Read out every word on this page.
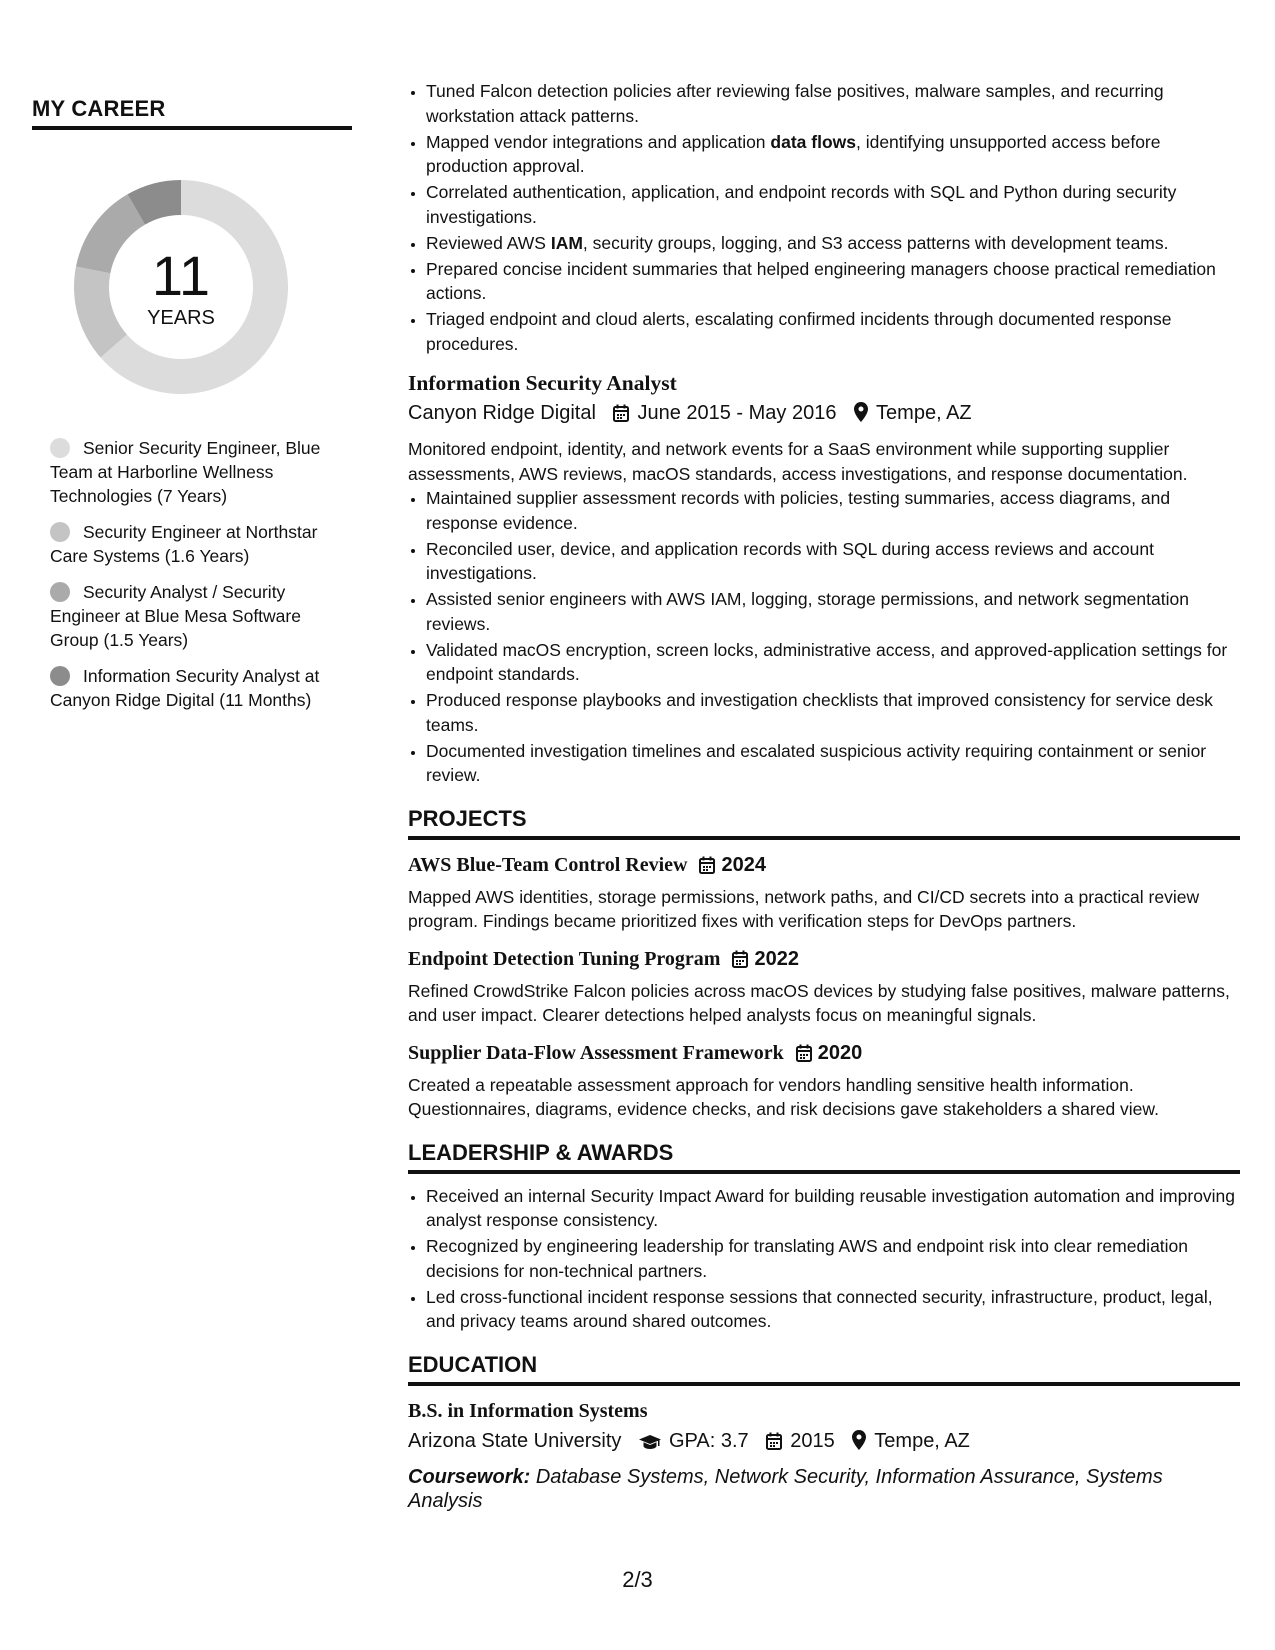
MY CAREER
11
YEARS
Senior Security Engineer, Blue Team at Harborline Wellness Technologies (7 Years)
Security Engineer at Northstar Care Systems (1.6 Years)
Security Analyst / Security Engineer at Blue Mesa Software Group (1.5 Years)
Information Security Analyst at Canyon Ridge Digital (11 Months)
• Tuned Falcon detection policies after reviewing false positives, malware samples, and recurring workstation attack patterns.
• Mapped vendor integrations and application data flows, identifying unsupported access before production approval.
• Correlated authentication, application, and endpoint records with SQL and Python during security investigations.
• Reviewed AWS IAM, security groups, logging, and S3 access patterns with development teams.
• Prepared concise incident summaries that helped engineering managers choose practical remediation actions.
• Triaged endpoint and cloud alerts, escalating confirmed incidents through documented response procedures.
Information Security Analyst
Canyon Ridge Digital June 2015 - May 2016 Tempe, AZ

Monitored endpoint, identity, and network events for a SaaS environment while supporting supplier assessments, AWS reviews, macOS standards, access investigations, and response documentation.

• Maintained supplier assessment records with policies, testing summaries, access diagrams, and response evidence.
• Reconciled user, device, and application records with SQL during access reviews and account investigations.
• Assisted senior engineers with AWS IAM, logging, storage permissions, and network segmentation reviews.
• Validated macOS encryption, screen locks, administrative access, and approved-application settings for endpoint standards.
• Produced response playbooks and investigation checklists that improved consistency for service desk teams.
• Documented investigation timelines and escalated suspicious activity requiring containment or senior review.
PROJECTS
AWS Blue-Team Control Review 2024

Mapped AWS identities, storage permissions, network paths, and CI/CD secrets into a practical review program. Findings became prioritized fixes with verification steps for DevOps partners.

Endpoint Detection Tuning Program 2022

Refined CrowdStrike Falcon policies across macOS devices by studying false positives, malware patterns, and user impact. Clearer detections helped analysts focus on meaningful signals.

Supplier Data-Flow Assessment Framework 2020

Created a repeatable assessment approach for vendors handling sensitive health information. Questionnaires, diagrams, evidence checks, and risk decisions gave stakeholders a shared view.

LEADERSHIP & AWARDS
• Received an internal Security Impact Award for building reusable investigation automation and improving analyst response consistency.
• Recognized by engineering leadership for translating AWS and endpoint risk into clear remediation decisions for non-technical partners.
• Led cross-functional incident response sessions that connected security, infrastructure, product, legal, and privacy teams around shared outcomes.
EDUCATION
B.S. in Information Systems
Arizona State University GPA: 3.7 2015 Tempe, AZ
Coursework: Database Systems, Network Security, Information Assurance, Systems Analysis
2/3
